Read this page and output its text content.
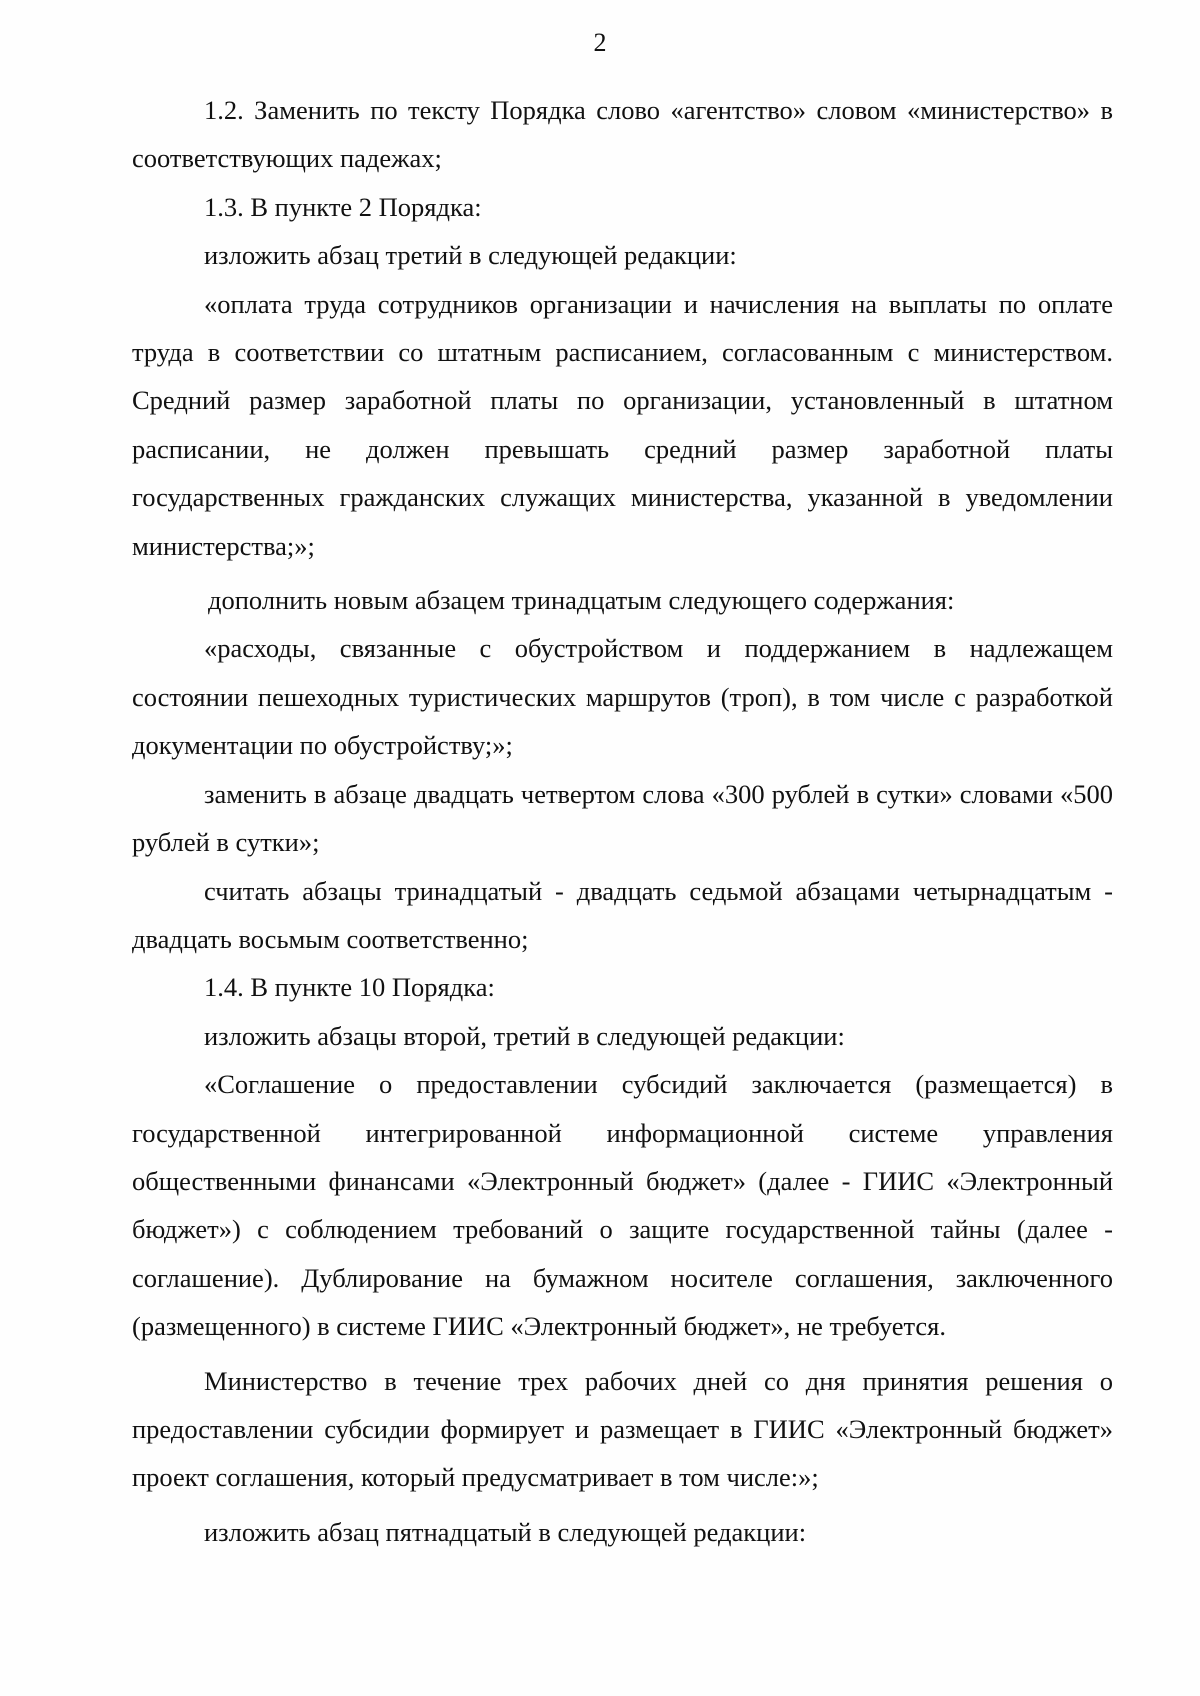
2

1.2. Заменить по тексту Порядка слово «агентство» словом «министерство» в соответствующих падежах;

1.3. В пункте 2 Порядка:

изложить абзац третий в следующей редакции:

«оплата труда сотрудников организации и начисления на выплаты по оплате труда в соответствии со штатным расписанием, согласованным с министерством. Средний размер заработной платы по организации, установленный в штатном расписании, не должен превышать средний размер заработной платы государственных гражданских служащих министерства, указанной в уведомлении министерства;»;

дополнить новым абзацем тринадцатым следующего содержания:

«расходы, связанные с обустройством и поддержанием в надлежащем состоянии пешеходных туристических маршрутов (троп), в том числе с разработкой документации по обустройству;»;

заменить в абзаце двадцать четвертом слова «300 рублей в сутки» словами «500 рублей в сутки»;

считать абзацы тринадцатый - двадцать седьмой абзацами четырнадцатым - двадцать восьмым соответственно;

1.4. В пункте 10 Порядка:

изложить абзацы второй, третий в следующей редакции:

«Соглашение о предоставлении субсидий заключается (размещается) в государственной интегрированной информационной системе управления общественными финансами «Электронный бюджет» (далее - ГИИС «Электронный бюджет») с соблюдением требований о защите государственной тайны (далее - соглашение). Дублирование на бумажном носителе соглашения, заключенного (размещенного) в системе ГИИС «Электронный бюджет», не требуется.

Министерство в течение трех рабочих дней со дня принятия решения о предоставлении субсидии формирует и размещает в ГИИС «Электронный бюджет» проект соглашения, который предусматривает в том числе:»;

изложить абзац пятнадцатый в следующей редакции:
